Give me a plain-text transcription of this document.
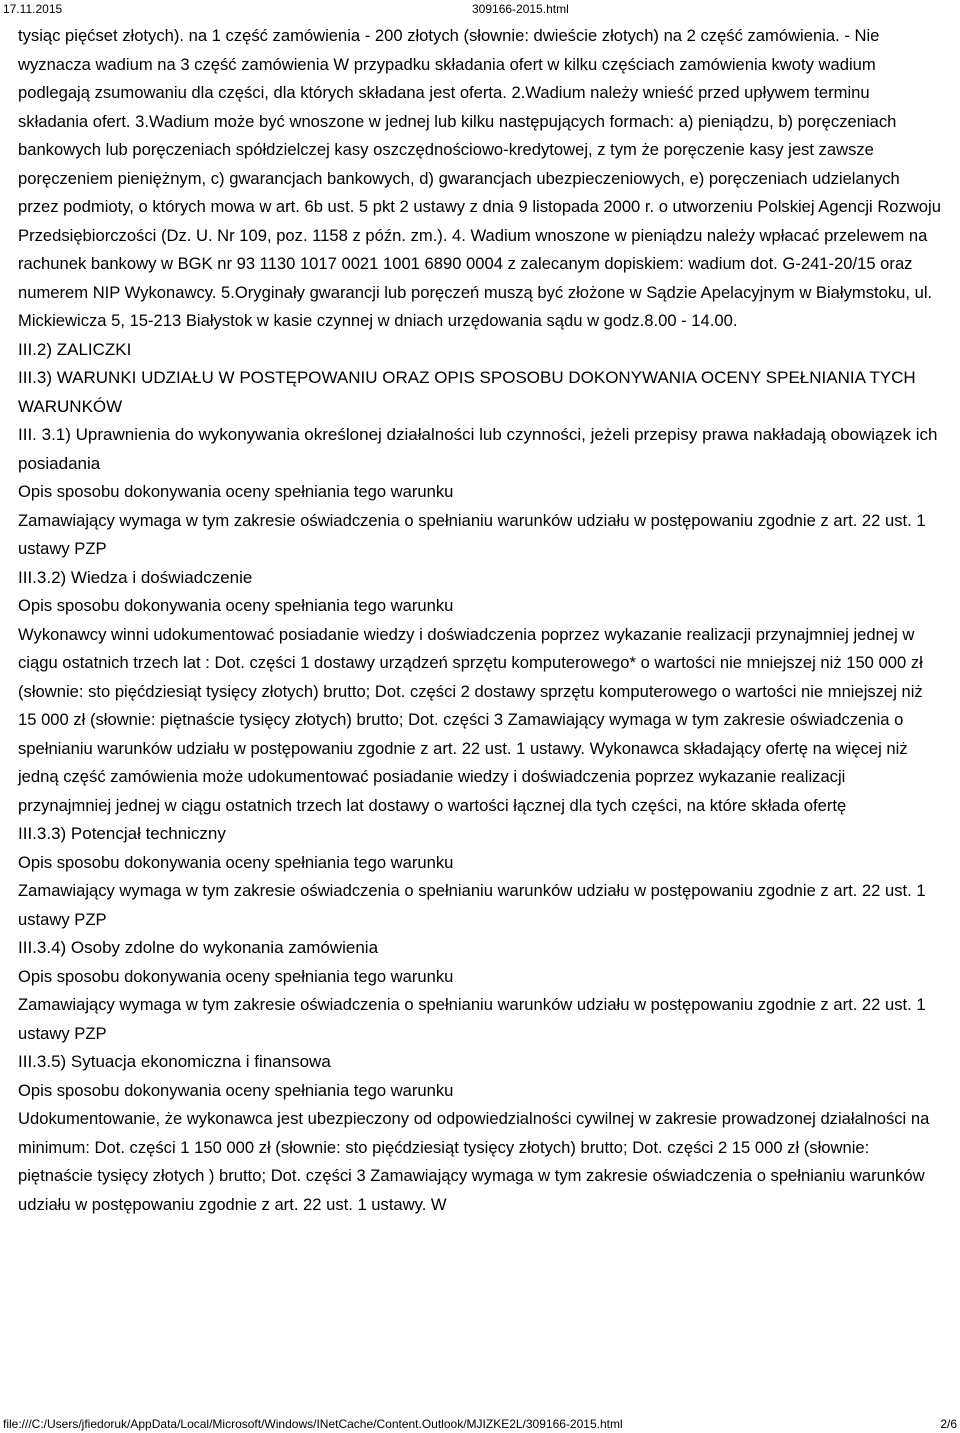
17.11.2015	309166-2015.html

tysiąc pięćset złotych). na 1 część zamówienia - 200 złotych (słownie: dwieście złotych) na 2 część zamówienia. - Nie wyznacza wadium na 3 część zamówienia W przypadku składania ofert w kilku częściach zamówienia kwoty wadium podlegają zsumowaniu dla części, dla których składana jest oferta. 2.Wadium należy wnieść przed upływem terminu składania ofert. 3.Wadium może być wnoszone w jednej lub kilku następujących formach: a) pieniądzu, b) poręczeniach bankowych lub poręczeniach spółdzielczej kasy oszczędnościowo-kredytowej, z tym że poręczenie kasy jest zawsze poręczeniem pieniężnym, c) gwarancjach bankowych, d) gwarancjach ubezpieczeniowych, e) poręczeniach udzielanych przez podmioty, o których mowa w art. 6b ust. 5 pkt 2 ustawy z dnia 9 listopada 2000 r. o utworzeniu Polskiej Agencji Rozwoju Przedsiębiorczości (Dz. U. Nr 109, poz. 1158 z późn. zm.). 4. Wadium wnoszone w pieniądzu należy wpłacać przelewem na rachunek bankowy w BGK nr 93 1130 1017 0021 1001 6890 0004 z zalecanym dopiskiem: wadium dot. G-241-20/15 oraz numerem NIP Wykonawcy. 5.Oryginały gwarancji lub poręczeń muszą być złożone w Sądzie Apelacyjnym w Białymstoku, ul. Mickiewicza 5, 15-213 Białystok w kasie czynnej w dniach urzędowania sądu w godz.8.00 - 14.00.

III.2) ZALICZKI

III.3) WARUNKI UDZIAŁU W POSTĘPOWANIU ORAZ OPIS SPOSOBU DOKONYWANIA OCENY SPEŁNIANIA TYCH WARUNKÓW

III. 3.1) Uprawnienia do wykonywania określonej działalności lub czynności, jeżeli przepisy prawa nakładają obowiązek ich posiadania

Opis sposobu dokonywania oceny spełniania tego warunku

Zamawiający wymaga w tym zakresie oświadczenia o spełnianiu warunków udziału w postępowaniu zgodnie z art. 22 ust. 1 ustawy PZP

III.3.2) Wiedza i doświadczenie

Opis sposobu dokonywania oceny spełniania tego warunku

Wykonawcy winni udokumentować posiadanie wiedzy i doświadczenia poprzez wykazanie realizacji przynajmniej jednej w ciągu ostatnich trzech lat : Dot. części 1 dostawy urządzeń sprzętu komputerowego* o wartości nie mniejszej niż 150 000 zł (słownie: sto pięćdziesiąt tysięcy złotych) brutto; Dot. części 2 dostawy sprzętu komputerowego o wartości nie mniejszej niż 15 000 zł (słownie: piętnaście tysięcy złotych) brutto; Dot. części 3 Zamawiający wymaga w tym zakresie oświadczenia o spełnianiu warunków udziału w postępowaniu zgodnie z art. 22 ust. 1 ustawy. Wykonawca składający ofertę na więcej niż jedną część zamówienia może udokumentować posiadanie wiedzy i doświadczenia poprzez wykazanie realizacji przynajmniej jednej w ciągu ostatnich trzech lat dostawy o wartości łącznej dla tych części, na które składa ofertę

III.3.3) Potencjał techniczny

Opis sposobu dokonywania oceny spełniania tego warunku

Zamawiający wymaga w tym zakresie oświadczenia o spełnianiu warunków udziału w postępowaniu zgodnie z art. 22 ust. 1 ustawy PZP

III.3.4) Osoby zdolne do wykonania zamówienia

Opis sposobu dokonywania oceny spełniania tego warunku

Zamawiający wymaga w tym zakresie oświadczenia o spełnianiu warunków udziału w postępowaniu zgodnie z art. 22 ust. 1 ustawy PZP

III.3.5) Sytuacja ekonomiczna i finansowa

Opis sposobu dokonywania oceny spełniania tego warunku

Udokumentowanie, że wykonawca jest ubezpieczony od odpowiedzialności cywilnej w zakresie prowadzonej działalności na minimum: Dot. części 1 150 000 zł (słownie: sto pięćdziesiąt tysięcy złotych) brutto; Dot. części 2 15 000 zł (słownie: piętnaście tysięcy złotych ) brutto; Dot. części 3 Zamawiający wymaga w tym zakresie oświadczenia o spełnianiu warunków udziału w postępowaniu zgodnie z art. 22 ust. 1 ustawy. W

file:///C:/Users/jfiedoruk/AppData/Local/Microsoft/Windows/INetCache/Content.Outlook/MJIZKE2L/309166-2015.html	2/6
